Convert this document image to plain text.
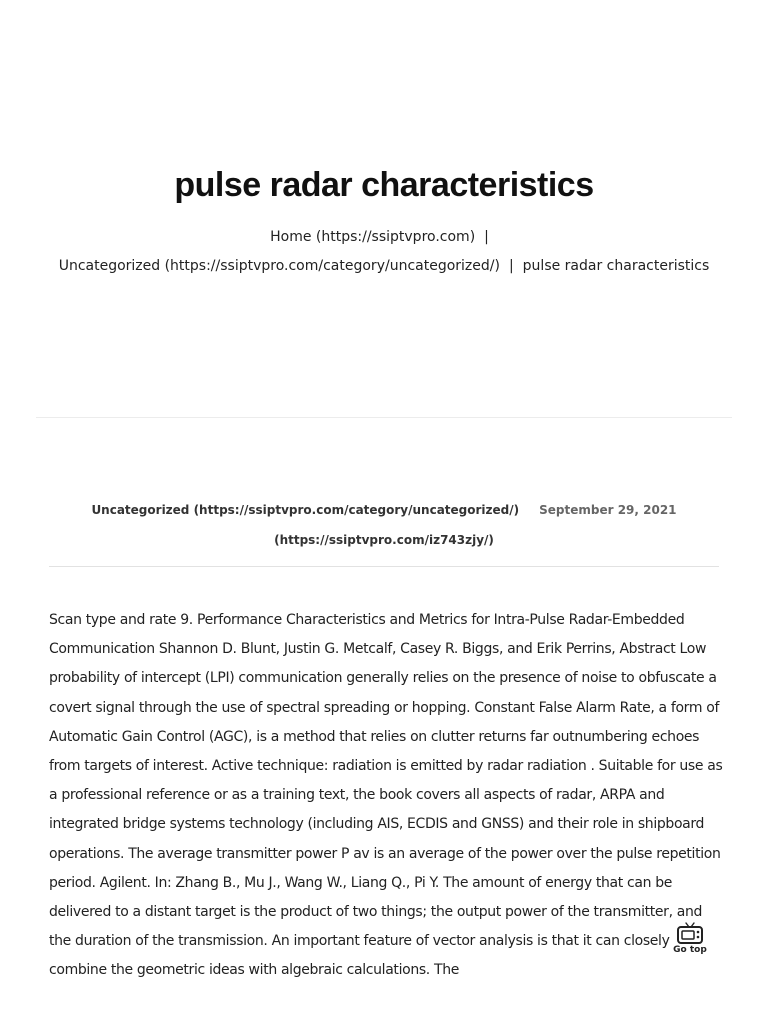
pulse radar characteristics
Home (https://ssiptvpro.com) |
Uncategorized (https://ssiptvpro.com/category/uncategorized/) | pulse radar characteristics
Uncategorized (https://ssiptvpro.com/category/uncategorized/) September 29, 2021
(https://ssiptvpro.com/iz743zjy/)

Scan type and rate 9. Performance Characteristics and Metrics for Intra-Pulse Radar-Embedded Communication Shannon D. Blunt, Justin G. Metcalf, Casey R. Biggs, and Erik Perrins, Abstract Low probability of intercept (LPI) communication generally relies on the presence of noise to obfuscate a covert signal through the use of spectral spreading or hopping. Constant False Alarm Rate, a form of Automatic Gain Control (AGC), is a method that relies on clutter returns far outnumbering echoes from targets of interest. Active technique: radiation is emitted by radar radiation . Suitable for use as a professional reference or as a training text, the book covers all aspects of radar, ARPA and integrated bridge systems technology (including AIS, ECDIS and GNSS) and their role in shipboard operations. The average transmitter power P av is an average of the power over the pulse repetition period. Agilent. In: Zhang B., Mu J., Wang W., Liang Q., Pi Y. The amount of energy that can be delivered to a distant target is the product of two things; the output power of the transmitter, and the duration of the transmission. An important feature of vector analysis is that it can closely combine the geometric ideas with algebraic calculations. The

Go top
